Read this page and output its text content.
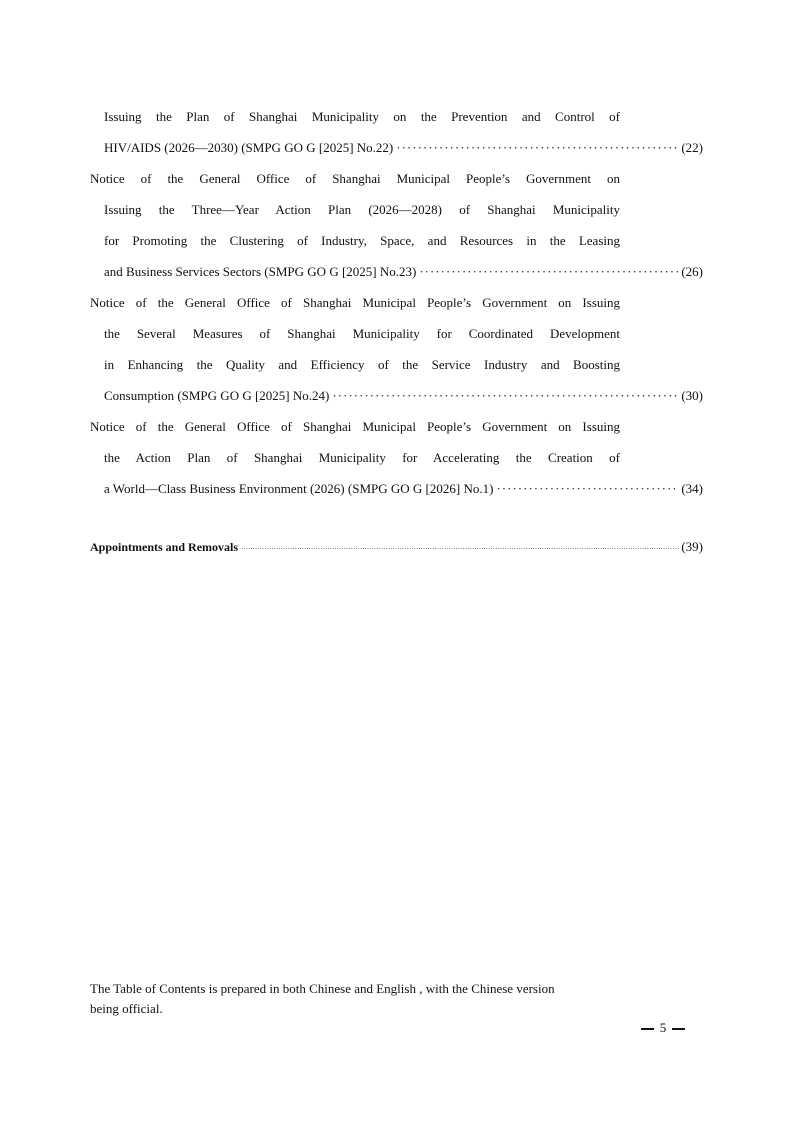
Issuing the Plan of Shanghai Municipality on the Prevention and Control of
HIV/AIDS (2026—2030) (SMPG GO G [2025] No.22) ·····	(22)
Notice of the General Office of Shanghai Municipal People’s Government on
Issuing the Three—Year Action Plan (2026—2028) of Shanghai Municipality
for Promoting the Clustering of Industry, Space, and Resources in the Leasing
and Business Services Sectors (SMPG GO G [2025] No.23) ·····	(26)
Notice of the General Office of Shanghai Municipal People’s Government on Issuing
the Several Measures of Shanghai Municipality for Coordinated Development
in Enhancing the Quality and Efficiency of the Service Industry and Boosting
Consumption (SMPG GO G [2025] No.24) ·····	(30)
Notice of the General Office of Shanghai Municipal People’s Government on Issuing
the Action Plan of Shanghai Municipality for Accelerating the Creation of
a World—Class Business Environment (2026) (SMPG GO G [2026] No.1) ·····	(34)
Appointments and Removals ·····	(39)
The Table of Contents is prepared in both Chinese and English , with the Chinese version
being official.
5
